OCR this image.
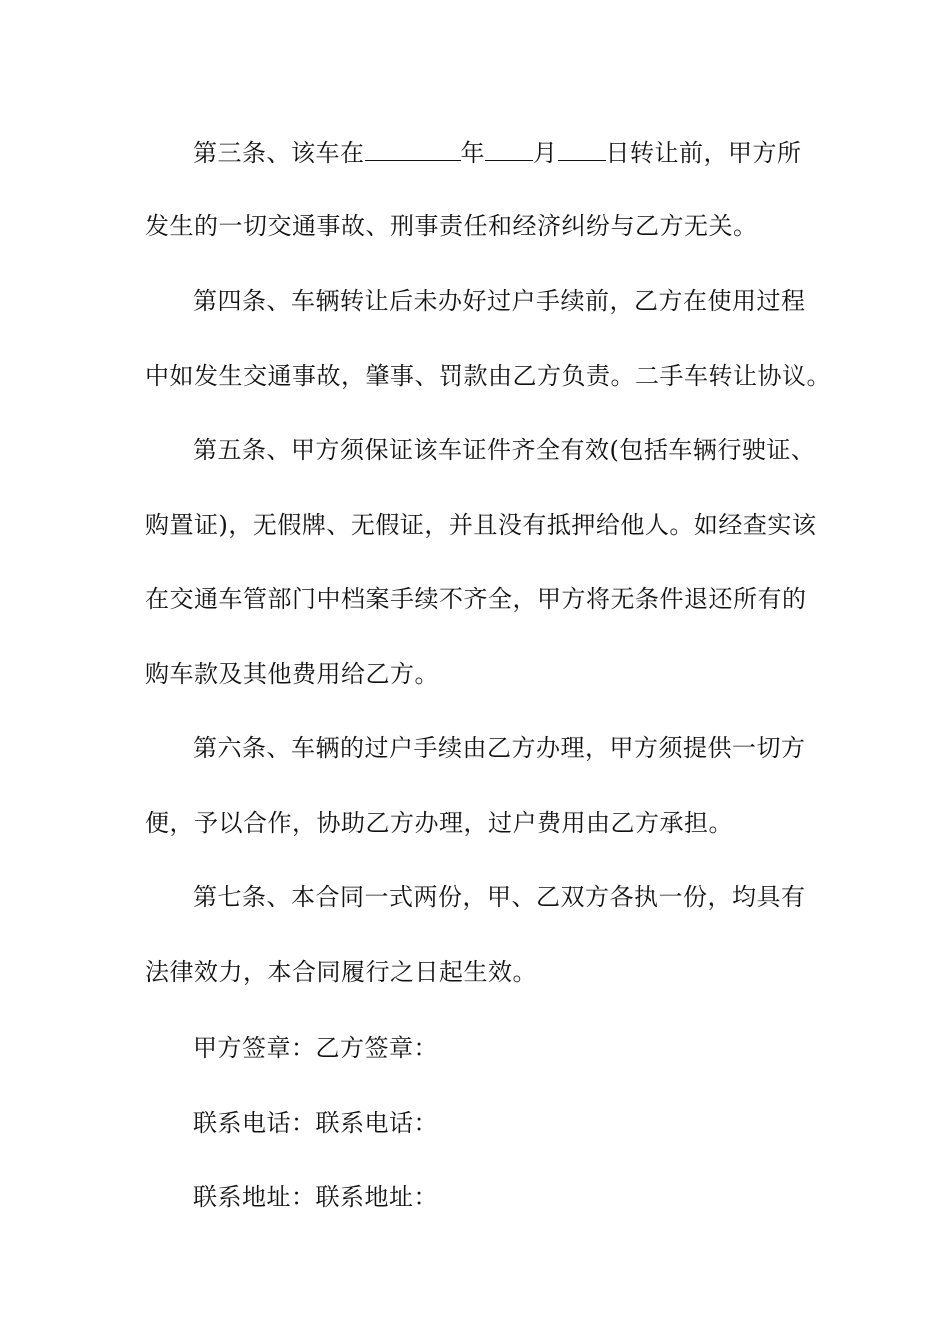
第三条、该车在	年 月 日转让前，甲方所
发生的一切交通事故、刑事责任和经济纠纷与乙方无关。
第四条、车辆转让后未办好过户手续前，乙方在使用过程
中如发生交通事故，肇事、罚款由乙方负责。二手车转让协议。
第五条、甲方须保证该车证件齐全有效(包括车辆行驶证、
购置证)，无假牌、无假证，并且没有抵押给他人。如经查实该
在交通车管部门中档案手续不齐全，甲方将无条件退还所有的
购车款及其他费用给乙方。
第六条、车辆的过户手续由乙方办理，甲方须提供一切方
便，予以合作，协助乙方办理，过户费用由乙方承担。
第七条、本合同一式两份，甲、乙双方各执一份，均具有
法律效力，本合同履行之日起生效。
甲方签章：乙方签章：
联系电话：联系电话：
联系地址：联系地址：
